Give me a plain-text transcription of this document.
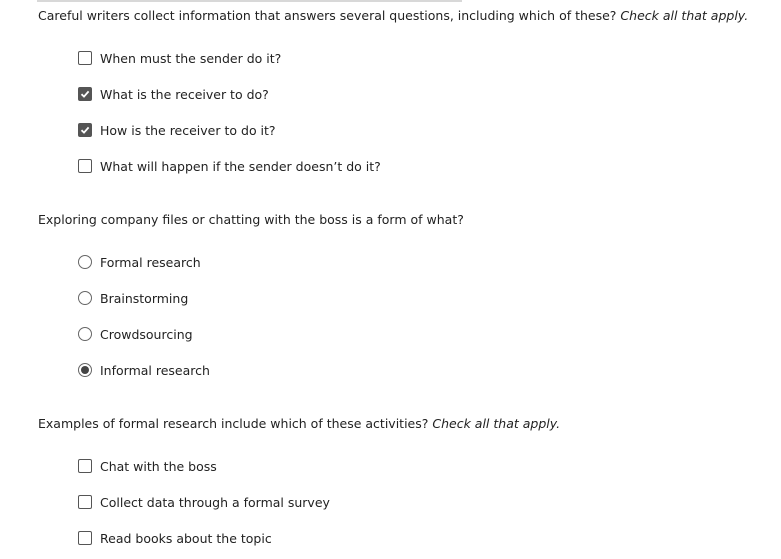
Careful writers collect information that answers several questions, including which of these? Check all that apply.
When must the sender do it?
What is the receiver to do?
How is the receiver to do it?
What will happen if the sender doesn’t do it?
Exploring company files or chatting with the boss is a form of what?
Formal research
Brainstorming
Crowdsourcing
Informal research
Examples of formal research include which of these activities? Check all that apply.
Chat with the boss
Collect data through a formal survey
Read books about the topic
